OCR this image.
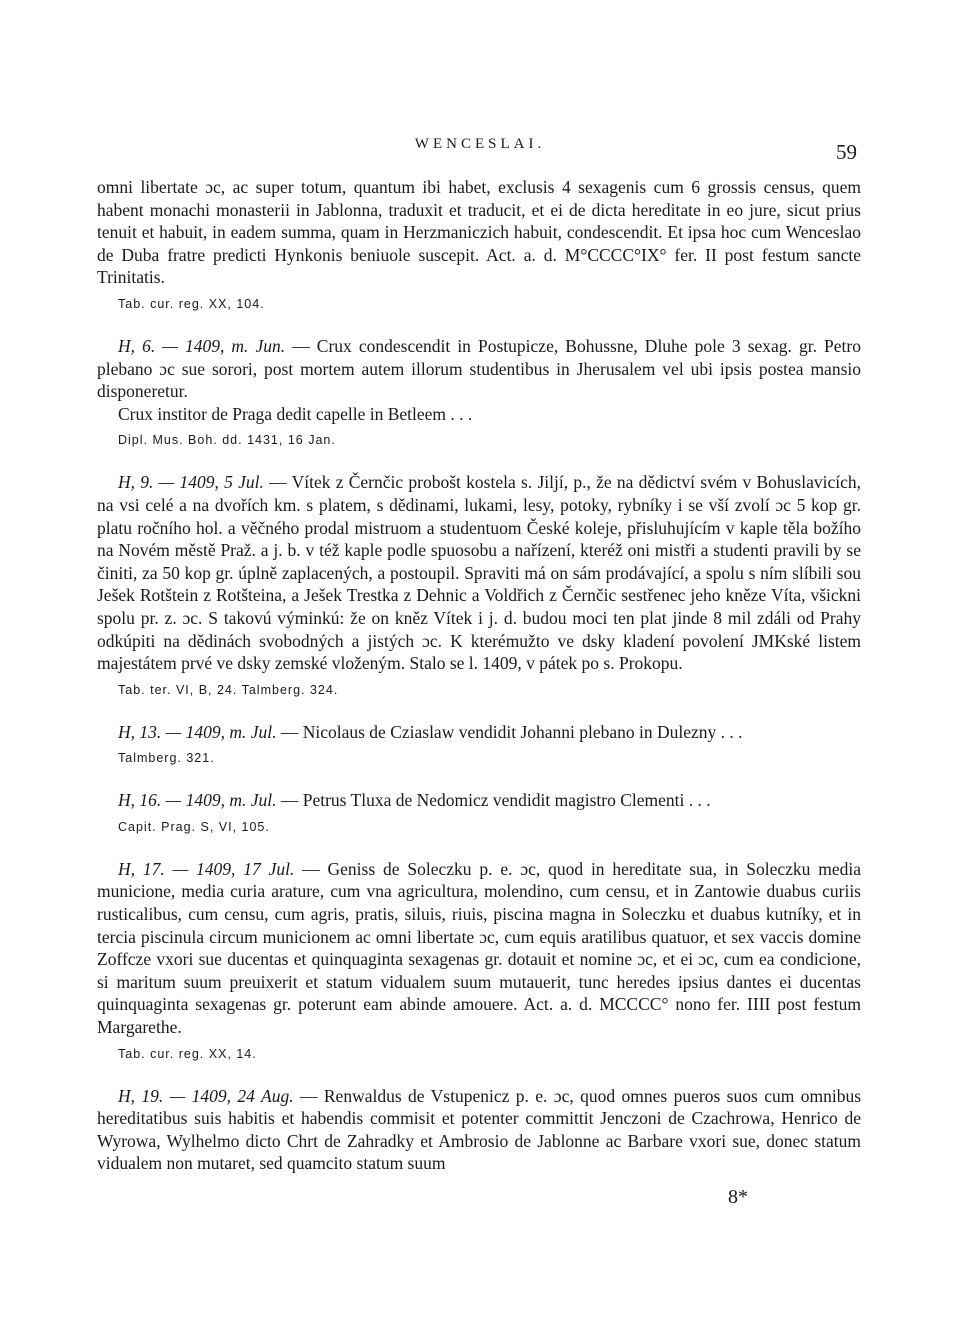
WENCESLAI.	59

omni libertate ɔc, ac super totum, quantum ibi habet, exclusis 4 sexagenis cum 6 grossis census, quem habent monachi monasterii in Jablonna, traduxit et traducit, et ei de dicta hereditate in eo jure, sicut prius tenuit et habuit, in eadem summa, quam in Herzmaniczich habuit, condescendit. Et ipsa hoc cum Wenceslao de Duba fratre predicti Hynkonis beniuole suscepit. Act. a. d. M°CCCC°IX° fer. II post festum sancte Trinitatis.

Tab. cur. reg. XX, 104.

H, 6. — 1409, m. Jun. — Crux condescendit in Postupicze, Bohussne, Dluhe pole 3 sexag. gr. Petro plebano ɔc sue sorori, post mortem autem illorum studentibus in Jherusalem vel ubi ipsis postea mansio disponeretur.

Crux institor de Praga dedit capelle in Betleem . . .

Dipl. Mus. Boh. dd. 1431, 16 Jan.

H, 9. — 1409, 5 Jul. — Vítek z Černčic probošt kostela s. Jiljí, p., že na dědictví svém v Bohuslavicích, na vsi celé a na dvořích km. s platem, s dědinami, lukami, lesy, potoky, rybníky i se vší zvolí ɔc 5 kop gr. platu ročního hol. a věčného prodal mistruom a studentuom České koleje, přisluhujícím v kaple těla božího na Novém městě Praž. a j. b. v též kaple podle spuosobu a nařízení, kteréž oni mistři a studenti pravili by se činiti, za 50 kop gr. úplně zaplacených, a postoupil. Spraviti má on sám prodávající, a spolu s ním slíbili sou Ješek Rotštein z Rotšteina, a Ješek Trestka z Dehnic a Voldřich z Černčic sestřenec jeho kněze Víta, všickni spolu pr. z. ɔc. S takovú výminkú: že on kněz Vítek i j. d. budou moci ten plat jinde 8 mil zdáli od Prahy odkúpiti na dědinách svobodných a jistých ɔc. K kterémužto ve dsky kladení povolení JMKské listem majestátem prvé ve dsky zemské vloženým. Stalo se l. 1409, v pátek po s. Prokopu.

Tab. ter. VI, B, 24. Talmberg. 324.

H, 13. — 1409, m. Jul. — Nicolaus de Cziaslaw vendidit Johanni plebano in Dulezny . . .

Talmberg. 321.

H, 16. — 1409, m. Jul. — Petrus Tluxa de Nedomicz vendidit magistro Clementi . . .

Capit. Prag. S, VI, 105.

H, 17. — 1409, 17 Jul. — Geniss de Soleczku p. e. ɔc, quod in hereditate sua, in Soleczku media municione, media curia arature, cum vna agricultura, molendino, cum censu, et in Zantowie duabus curiis rusticalibus, cum censu, cum agris, pratis, siluis, riuis, piscina magna in Soleczku et duabus kutníky, et in tercia piscinula circum municionem ac omni libertate ɔc, cum equis aratilibus quatuor, et sex vaccis domine Zoffcze vxori sue ducentas et quinquaginta sexagenas gr. dotauit et nomine ɔc, et ei ɔc, cum ea condicione, si maritum suum preuixerit et statum vidualem suum mutauerit, tunc heredes ipsius dantes ei ducentas quinquaginta sexagenas gr. poterunt eam abinde amouere. Act. a. d. MCCCC° nono fer. IIII post festum Margarethe.

Tab. cur. reg. XX, 14.

H, 19. — 1409, 24 Aug. — Renwaldus de Vstupenicz p. e. ɔc, quod omnes pueros suos cum omnibus hereditatibus suis habitis et habendis commisit et potenter committit Jenczoni de Czachrowa, Henrico de Wyrowa, Wylhelmo dicto Chrt de Zahradky et Ambrosio de Jablonne ac Barbare vxori sue, donec statum vidualem non mutaret, sed quamcito statum suum

8*
